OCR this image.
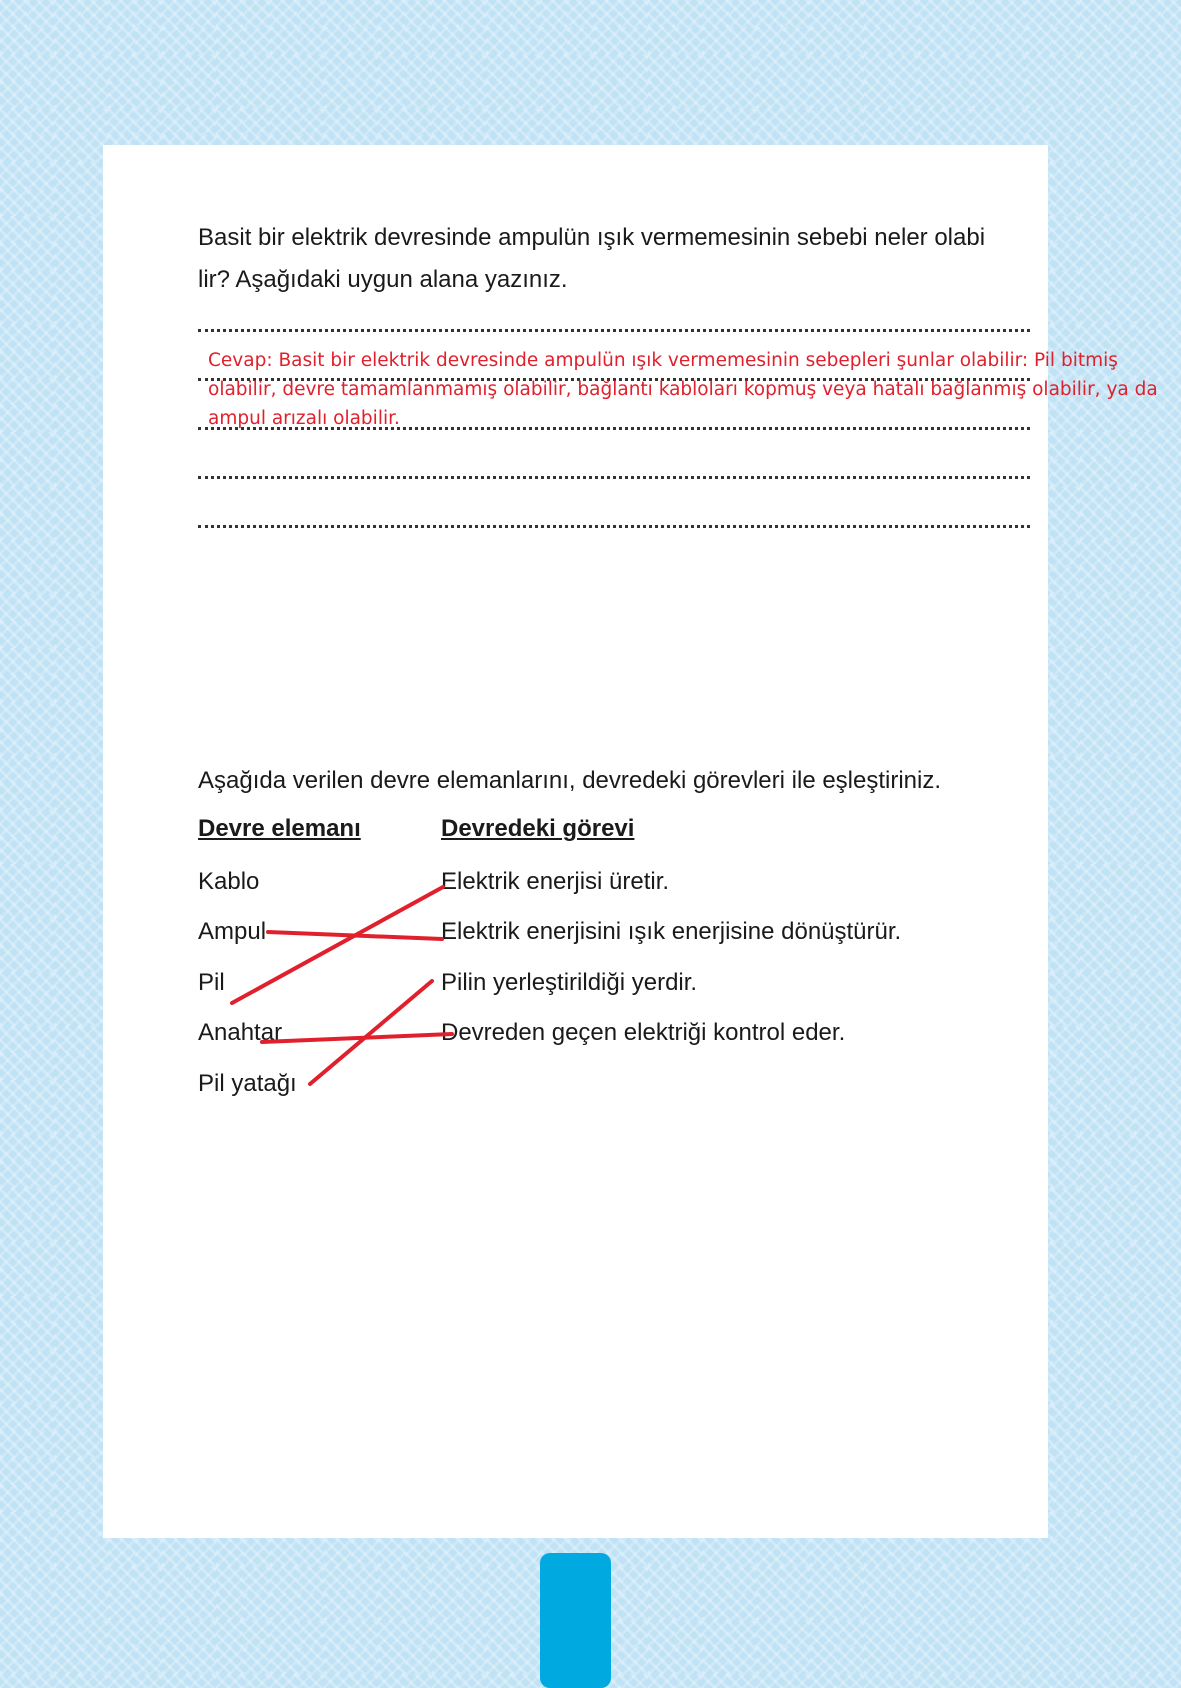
Basit bir elektrik devresinde ampulün ışık vermemesinin sebebi neler olabi
lir? Aşağıdaki uygun alana yazınız.
Cevap: Basit bir elektrik devresinde ampulün ışık vermemesinin sebepleri şunlar olabilir: Pil bitmiş olabilir, devre tamamlanmamış olabilir, bağlantı kabloları kopmuş veya hatalı bağlanmış olabilir, ya da ampul arızalı olabilir.
Aşağıda verilen devre elemanlarını, devredeki görevleri ile eşleştiriniz.
Devre elemanı	Devredeki görevi
Kablo
Ampul
Pil
Anahtar
Pil yatağı
Elektrik enerjisi üretir.
Elektrik enerjisini ışık enerjisine dönüştürür.
Pilin yerleştirildiği yerdir.
Devreden geçen elektriği kontrol eder.
